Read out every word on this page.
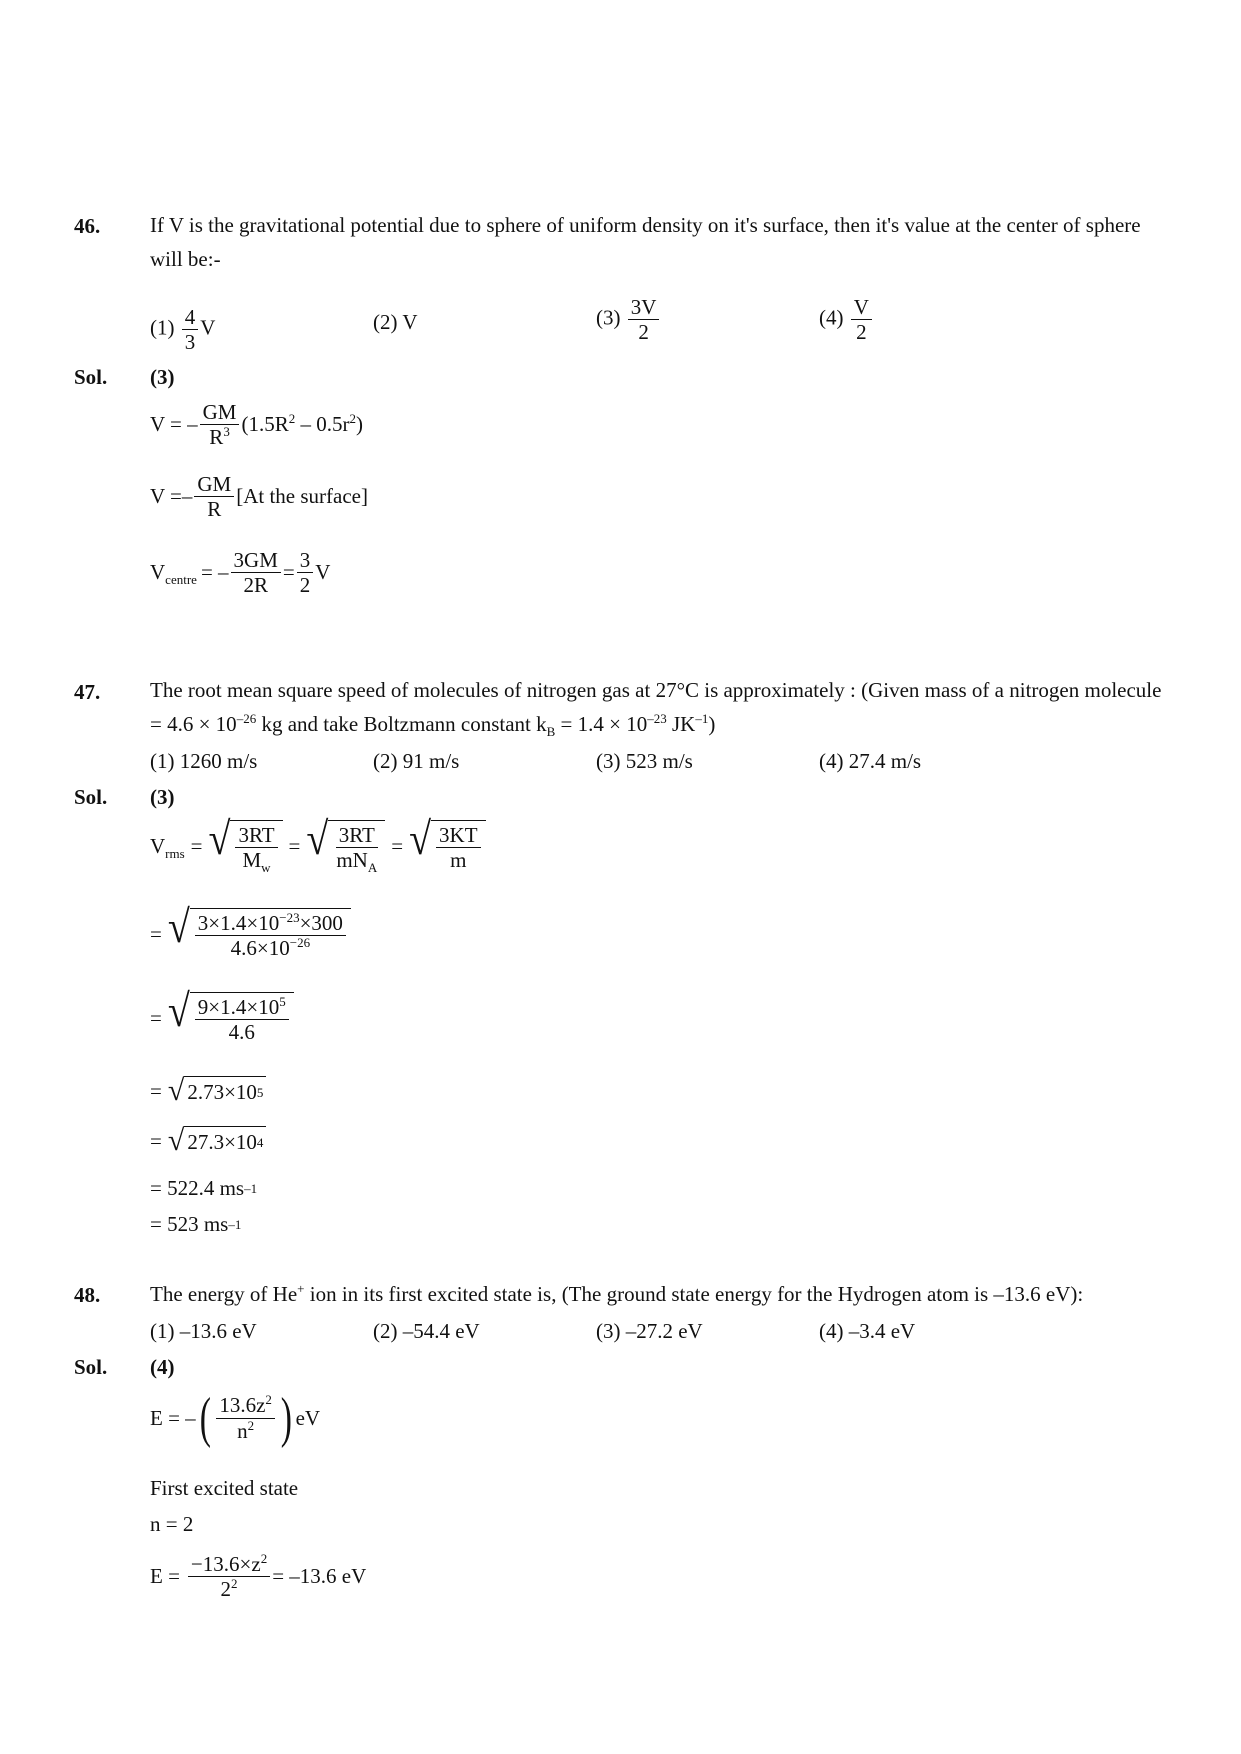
46. If V is the gravitational potential due to sphere of uniform density on it's surface, then it's value at the center of sphere will be:-
$(1) \frac{4}{3}$ V	(2) V	$(3) \frac{3V}{2}$	$(4) \frac{V}{2}$
Sol. (3)
V = – $\frac{GM}{R^3} (1.5R^2 - 0.5r^2)$
$V =- \frac{GM}{R} [At$ the surface]
$V_{centre}$ = – $\frac{3GM}{2R} = \frac{3}{2}$ V
47. The root mean square speed of molecules of nitrogen gas at 27°C is approximately : (Given mass of a nitrogen molecule = $4.6 \times 10^{-26}$ kg and take Boltzmann constant $k_B = 1.4 \times 10^{-23}$ $JK^{-1}$)
(1) 1260 m/s	(2) 91 m/s	(3) 523 m/s	(4) 27.4 m/s
Sol. (3)
$V_{rms}$ = √ $\frac{3RT}{M_w}$ = √ $\frac{3RT}{mN_A}$ = √ $\frac{3KT}{m}$
= √ $\frac{3\times 1.4\times 10^{-23}\times 300}{4.6\times 10^{-26}}$
= √ $\frac{9\times 1.4\times 10^5}{4.6}$
= √ 2.73×10 5
= √ 27.3×10 4
= 522.4 ms –1
= 523 ms –1
48. The energy of He+ ion in its first excited state is, (The ground state energy for the Hydrogen atom is –13.6 eV):
(1) –13.6 eV	(2) –54.4 eV	(3) –27.2 eV	(4) –3.4 eV
Sol. (4)
E = – ( $\frac{13.6z^2}{n^2}$ ) eV
First excited state
n = 2
$E = \frac{-13.6\times z^2}{2^2} = -13.6$ eV
